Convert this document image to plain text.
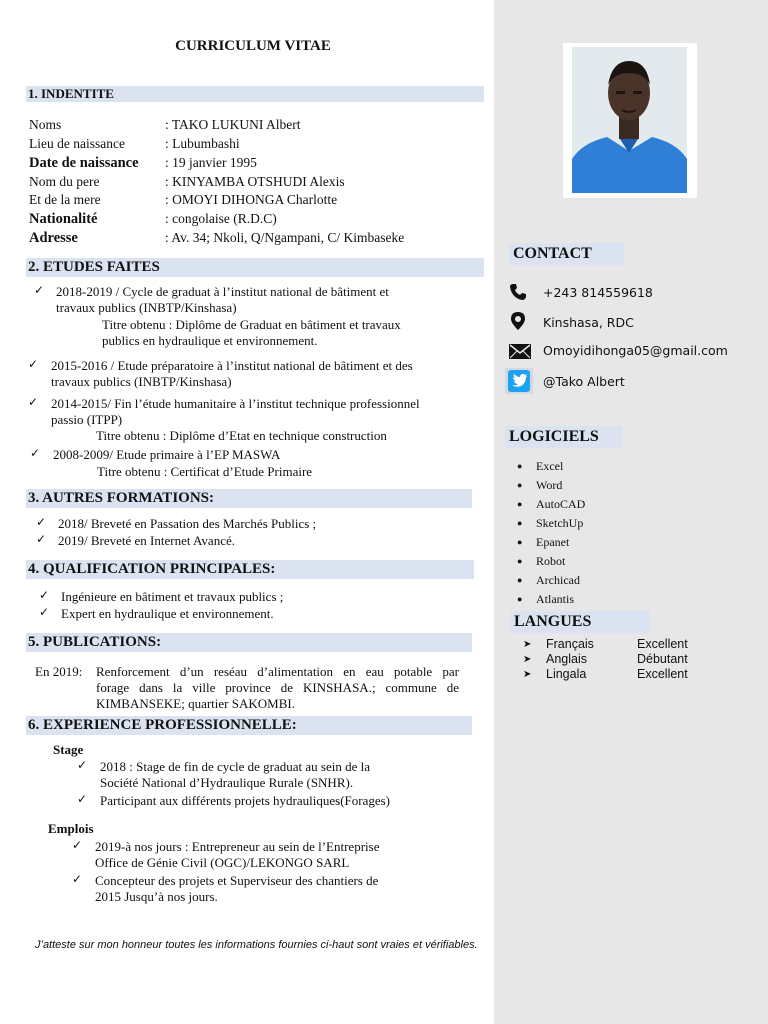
CURRICULUM VITAE
1. INDENTITE
Noms	: TAKO LUKUNI Albert
Lieu de naissance	: Lubumbashi
Date de naissance : 19 janvier 1995
Nom du pere	: KINYAMBA OTSHUDI Alexis
Et de la mere	: OMOYI DIHONGA Charlotte
Nationalité	: congolaise (R.D.C)
Adresse	: Av. 34; Nkoli, Q/Ngampani, C/ Kimbaseke
2. ETUDES FAITES
✓ 2018-2019 / Cycle de graduat à l’institut national de bâtiment et
travaux publics (INBTP/Kinshasa)
Titre obtenu : Diplôme de Graduat en bâtiment et travaux
publics en hydraulique et environnement.
✓ 2015-2016 / Etude préparatoire à l’institut national de bâtiment et des
travaux publics (INBTP/Kinshasa)
✓ 2014-2015/ Fin l’étude humanitaire à l’institut technique professionnel
passio (ITPP)
Titre obtenu : Diplôme d’Etat en technique construction
✓ 2008-2009/ Etude primaire à l’EP MASWA
Titre obtenu : Certificat d’Etude Primaire
3. AUTRES FORMATIONS:
✓ 2018/ Breveté en Passation des Marchés Publics ;
✓ 2019/ Breveté en Internet Avancé.
4. QUALIFICATION PRINCIPALES:
✓ Ingénieure en bâtiment et travaux publics ;
✓ Expert en hydraulique et environnement.
5. PUBLICATIONS:
En 2019: Renforcement d’un reséau d’alimentation en eau potable par
forage dans la ville province de KINSHASA.; commune de
KIMBANSEKE; quartier SAKOMBI.
6. EXPERIENCE PROFESSIONNELLE:
Stage
✓ 2018 : Stage de fin de cycle de graduat au sein de la
Société National d’Hydraulique Rurale (SNHR).
✓ Participant aux différents projets hydrauliques(Forages)
Emplois
✓ 2019-à nos jours : Entrepreneur au sein de l’Entreprise
Office de Génie Civil (OGC)/LEKONGO SARL
✓ Concepteur des projets et Superviseur des chantiers de
2015 Jusqu’à nos jours.
J’atteste sur mon honneur toutes les informations fournies ci-haut sont vraies et vérifiables.
CONTACT
+243 814559618
Kinshasa, RDC
Omoyidihonga05@gmail.com
@Tako Albert
LOGICIELS
● Excel
● Word
● AutoCAD
● SketchUp
● Epanet
● Robot
● Archicad
● Atlantis
LANGUES
➤ Français	Excellent
➤ Anglais	Débutant
➤ Lingala	Excellent
